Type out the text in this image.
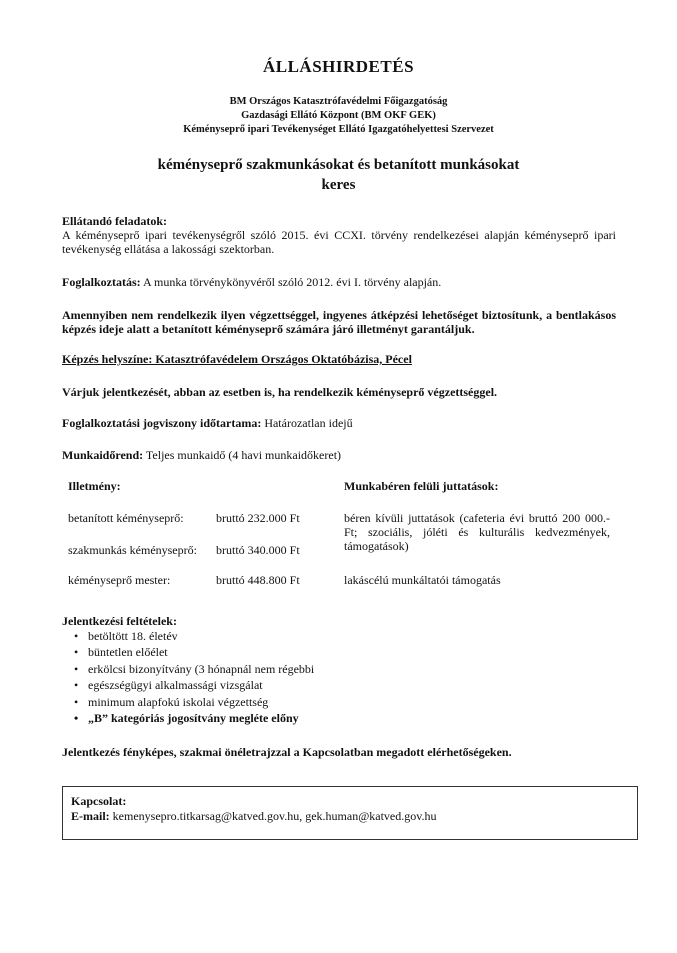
ÁLLÁSHIRDETÉS
BM Országos Katasztrófavédelmi Főigazgatóság
Gazdasági Ellátó Központ (BM OKF GEK)
Kéményseprő ipari Tevékenységet Ellátó Igazgatóhelyettesi Szervezet
kéményseprő szakmunkásokat és betanított munkásokat
keres
Ellátandó feladatok:
A kéményseprő ipari tevékenységről szóló 2015. évi CCXI. törvény rendelkezései alapján kéményseprő ipari tevékenység ellátása a lakossági szektorban.
Foglalkoztatás: A munka törvénykönyvéről szóló 2012. évi I. törvény alapján.
Amennyiben nem rendelkezik ilyen végzettséggel, ingyenes átképzési lehetőséget biztosítunk, a bentlakásos képzés ideje alatt a betanított kéményseprő számára járó illetményt garantáljuk.
Képzés helyszíne: Katasztrófavédelem Országos Oktatóbázisa, Pécel
Várjuk jelentkezését, abban az esetben is, ha rendelkezik kéményseprő végzettséggel.
Foglalkoztatási jogviszony időtartama: Határozatlan idejű
Munkaidőrend: Teljes munkaidő (4 havi munkaidőkeret)
Illetmény:
betanított kéményseprő:	bruttó 232.000 Ft
szakmunkás kéményseprő: bruttó 340.000 Ft
kéményseprő mester:	bruttó 448.800 Ft
Munkabéren felüli juttatások:
béren kívüli juttatások (cafeteria évi bruttó 200 000.- Ft; szociális, jóléti és kulturális kedvezmények, támogatások)
lakáscélú munkáltatói támogatás
Jelentkezési feltételek:
• betöltött 18. életév
• büntetlen előélet
• erkölcsi bizonyítvány (3 hónapnál nem régebbi
• egészségügyi alkalmassági vizsgálat
• minimum alapfokú iskolai végzettség
• „B” kategóriás jogosítvány megléte előny
Jelentkezés fényképes, szakmai önéletrajzzal a Kapcsolatban megadott elérhetőségeken.
Kapcsolat:
E-mail: kemenysepro.titkarsag@katved.gov.hu, gek.human@katved.gov.hu
